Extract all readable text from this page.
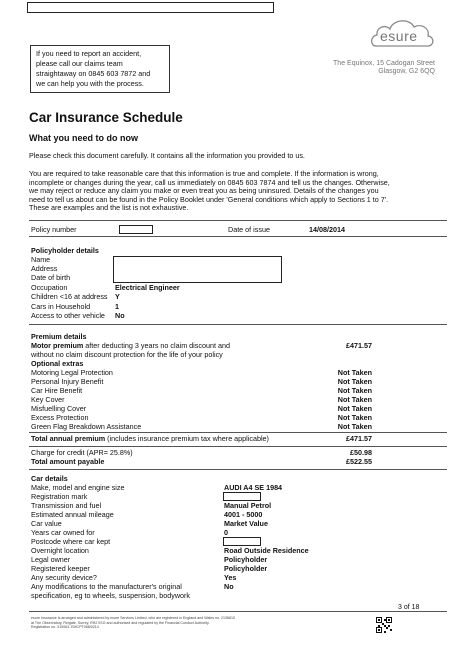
If you need to report an accident,
please call our claims team
straightaway on 0845 603 7872 and
we can help you with the process.
esure
The Equinox, 15 Cadogan Street
Glasgow, G2 6QQ
Car Insurance Schedule
What you need to do now
Please check this document carefully. It contains all the information you provided to us.
You are required to take reasonable care that this information is true and complete. If the information is wrong,
incomplete or changes during the year, call us immediately on 0845 603 7874 and tell us the changes. Otherwise,
we may reject or reduce any claim you make or even treat you as being uninsured. Details of the changes you
need to tell us about can be found in the Policy Booklet under 'General conditions which apply to Sections 1 to 7'.
These are examples and the list is not exhaustive.
Policy number	Date of issue	14/08/2014
Policyholder details
Name
Address
Date of birth
Occupation	Electrical Engineer
Children <16 at address Y
Cars in Household	1
Access to other vehicle No
Premium details
Motor premium after deducting 3 years no claim discount and
without no claim discount protection for the life of your policy
£471.57
Optional extras
Motoring Legal Protection	Not Taken
Personal Injury Benefit	Not Taken
Car Hire Benefit	Not Taken
Key Cover	Not Taken
Misfuelling Cover	Not Taken
Excess Protection	Not Taken
Green Flag Breakdown Assistance	Not Taken
Total annual premium (includes insurance premium tax where applicable)	£471.57
Charge for credit (APR= 25.8%)	£50.98
Total amount payable	£522.55
Car details
Make, model and engine size	AUDI A4 SE 1984
Registration mark
Transmission and fuel	Manual Petrol
Estimated annual mileage	4001 - 5000
Car value	Market Value
Years car owned for	0
Postcode where car kept
Overnight location	Road Outside Residence
Legal owner	Policyholder
Registered keeper	Policyholder
Any security device?	Yes
Any modifications to the manufacturer's original	No
specification, eg to wheels, suspension, bodywork
3 of 18
esure Insurance is arranged and administered by esure Services Limited, who are registered in England and Wales no. 2136810
at The Observatory, Reigate, Surrey, RH2 0SG and authorised and regulated by the Financial Conduct Authority.
Registration no. 310063. EMCPT068/0214
